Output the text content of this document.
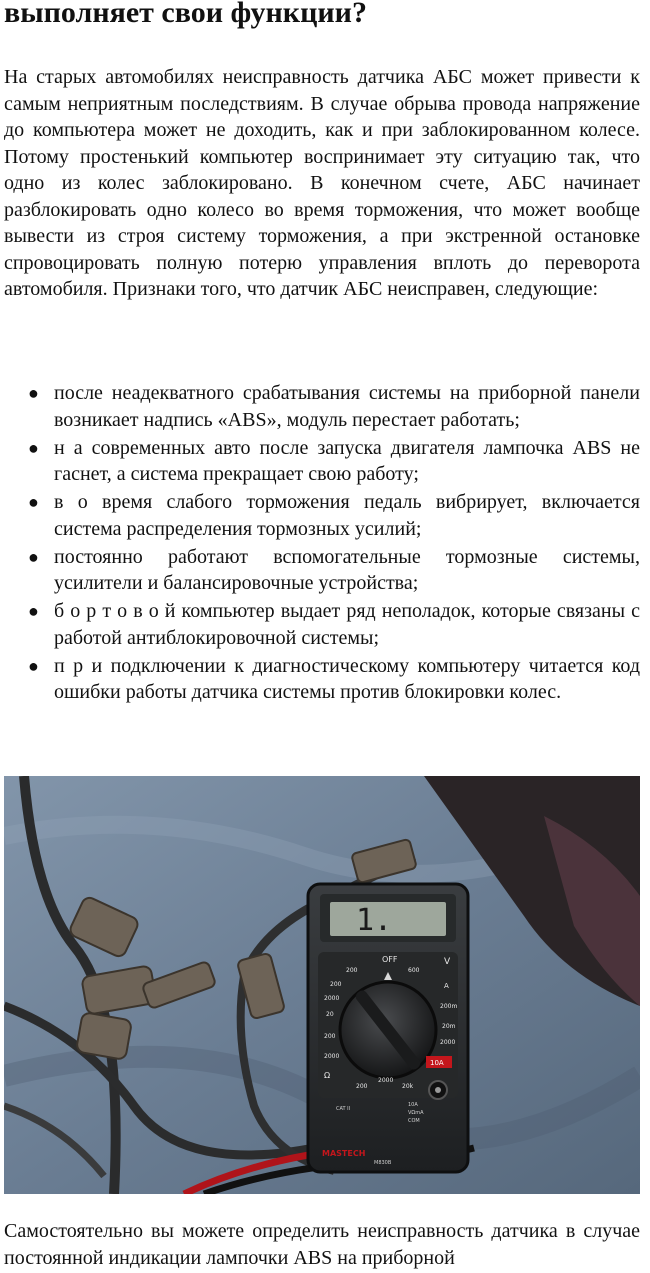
выполняет свои функции?

На старых автомобилях неисправность датчика АБС может привести к самым неприятным последствиям. В случае обрыва провода напряжение до компьютера может не доходить, как и при заблокированном колесе. Потому простенький компьютер воспринимает эту ситуацию так, что одно из колес заблокировано. В конечном счете, АБС начинает разблокировать одно колесо во время торможения, что может вообще вывести из строя систему торможения, а при экстренной остановке спровоцировать полную потерю управления вплоть до переворота автомобиля. Признаки того, что датчик АБС неисправен, следующие:

● после неадекватного срабатывания системы на приборной панели возникает надпись «ABS», модуль перестает работать;
● н а современных авто после запуска двигателя лампочка ABS не гаснет, а система прекращает свою работу;
● в о время слабого торможения педаль вибрирует, включается система распределения тормозных усилий;
● постоянно работают вспомогательные тормозные системы, усилители и балансировочные устройства;
● б о р т о в о й компьютер выдает ряд неполадок, которые связаны с работой антиблокировочной системы;
● п р и подключении к диагностическому компьютеру читается код ошибки работы датчика системы против блокировки колес.
1.
OFF	V
200
2000
20
200
2000
200m
20m
2000
200	20k
2000
10A
Ω
A
200
600
10A
COM
VΩmA
CAT II
MASTECH
M830B

Самостоятельно вы можете определить неисправность датчика в случае постоянной индикации лампочки ABS на приборной
